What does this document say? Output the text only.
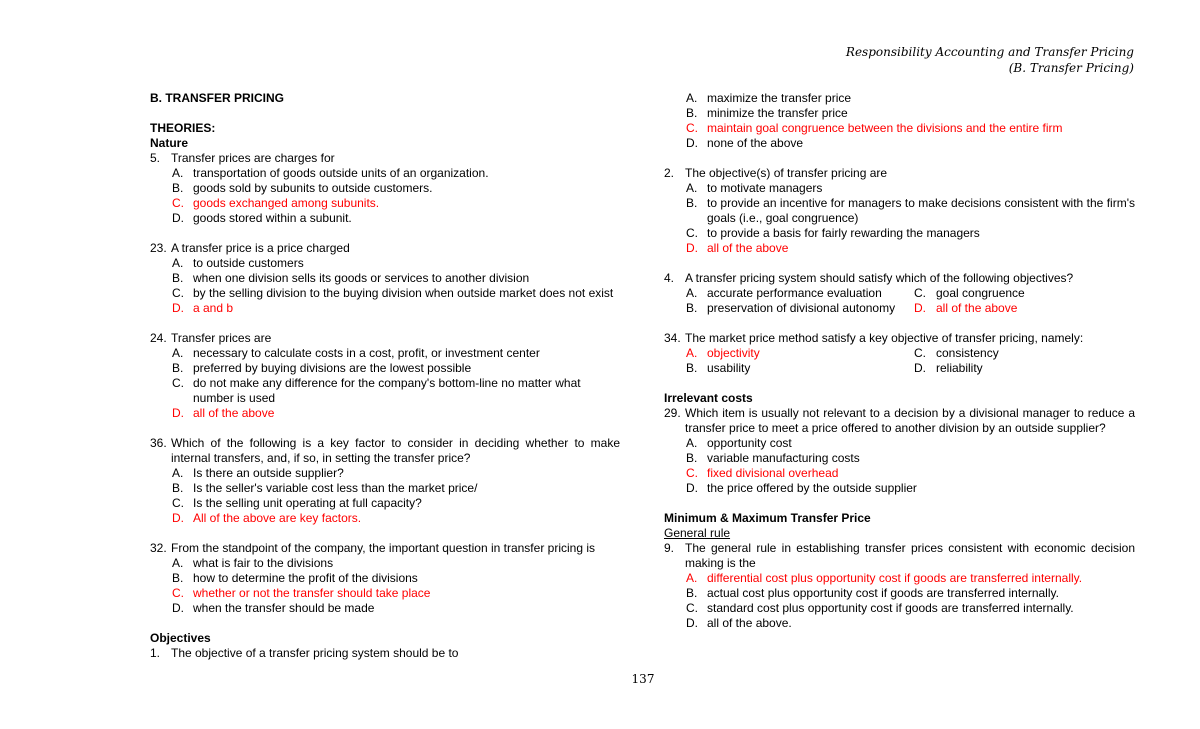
Responsibility Accounting and Transfer Pricing
(B. Transfer Pricing)
B. TRANSFER PRICING
THEORIES:
Nature
5. Transfer prices are charges for
A. transportation of goods outside units of an organization.
B. goods sold by subunits to outside customers.
C. goods exchanged among subunits.
D. goods stored within a subunit.
23. A transfer price is a price charged
A. to outside customers
B. when one division sells its goods or services to another division
C. by the selling division to the buying division when outside market does not exist
D. a and b
24. Transfer prices are
A. necessary to calculate costs in a cost, profit, or investment center
B. preferred by buying divisions are the lowest possible
C. do not make any difference for the company's bottom-line no matter what number is used
D. all of the above
36. Which of the following is a key factor to consider in deciding whether to make internal transfers, and, if so, in setting the transfer price?
A. Is there an outside supplier?
B. Is the seller's variable cost less than the market price/
C. Is the selling unit operating at full capacity?
D. All of the above are key factors.
32. From the standpoint of the company, the important question in transfer pricing is
A. what is fair to the divisions
B. how to determine the profit of the divisions
C. whether or not the transfer should take place
D. when the transfer should be made
Objectives
1. The objective of a transfer pricing system should be to
A. maximize the transfer price
B. minimize the transfer price
C. maintain goal congruence between the divisions and the entire firm
D. none of the above
2. The objective(s) of transfer pricing are
A. to motivate managers
B. to provide an incentive for managers to make decisions consistent with the firm's goals (i.e., goal congruence)
C. to provide a basis for fairly rewarding the managers
D. all of the above
4. A transfer pricing system should satisfy which of the following objectives?
A. accurate performance evaluation	C. goal congruence
B. preservation of divisional autonomy	D. all of the above
34. The market price method satisfy a key objective of transfer pricing, namely:
A. objectivity	C. consistency
B. usability	D. reliability
Irrelevant costs
29. Which item is usually not relevant to a decision by a divisional manager to reduce a transfer price to meet a price offered to another division by an outside supplier?
A. opportunity cost
B. variable manufacturing costs
C. fixed divisional overhead
D. the price offered by the outside supplier
Minimum & Maximum Transfer Price
General rule
9. The general rule in establishing transfer prices consistent with economic decision making is the
A. differential cost plus opportunity cost if goods are transferred internally.
B. actual cost plus opportunity cost if goods are transferred internally.
C. standard cost plus opportunity cost if goods are transferred internally.
D. all of the above.
137
